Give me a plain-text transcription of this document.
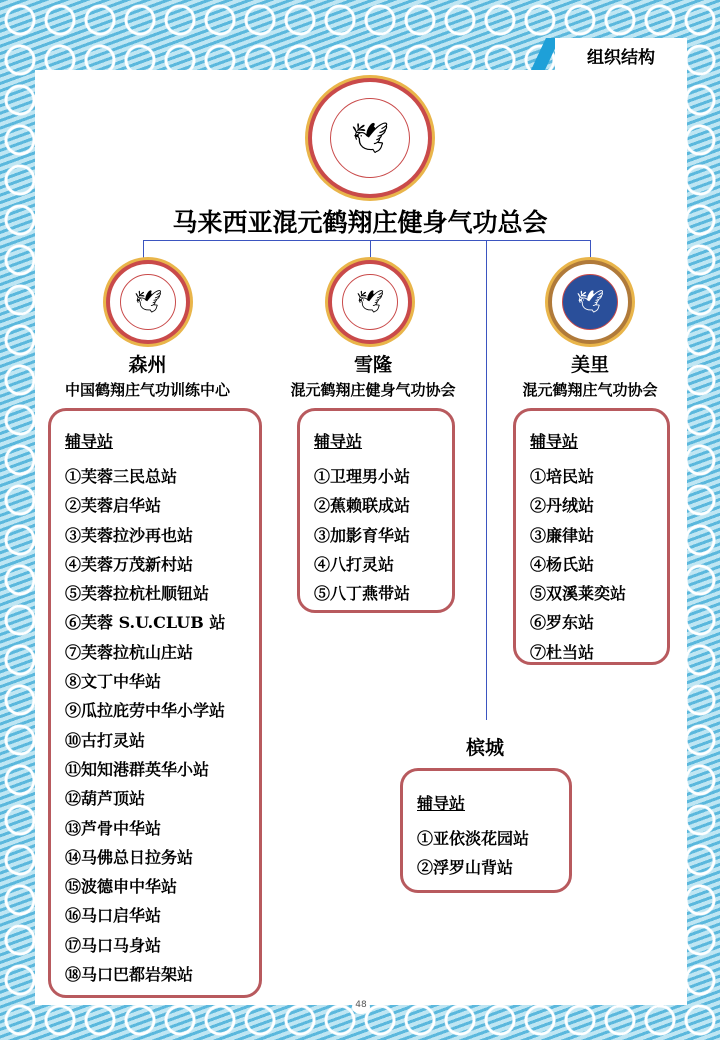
组织结构
🕊
马来西亚混元鹤翔庄健身气功总会
🕊	🕊	🕊
森州
中国鹤翔庄气功训练中心
雪隆
混元鹤翔庄健身气功协会
美里
混元鹤翔庄气功协会
槟城
辅导站
①芙蓉三民总站
②芙蓉启华站
③芙蓉拉沙再也站
④芙蓉万茂新村站
⑤芙蓉拉杭杜顺钮站
⑥芙蓉 S.U.CLUB 站
⑦芙蓉拉杭山庄站
⑧文丁中华站
⑨瓜拉庇劳中华小学站
⑩古打灵站
⑪知知港群英华小站
⑫葫芦顶站
⑬芦骨中华站
⑭马佛总日拉务站
⑮波德申中华站
⑯马口启华站
⑰马口马身站
⑱马口巴都岩架站
辅导站
①卫理男小站
②蕉赖联成站
③加影育华站
④八打灵站
⑤八丁燕带站
辅导站
①培民站
②丹绒站
③廉律站
④杨氏站
⑤双溪莱奕站
⑥罗东站
⑦杜当站
辅导站
①亚依淡花园站
②浮罗山背站
48
